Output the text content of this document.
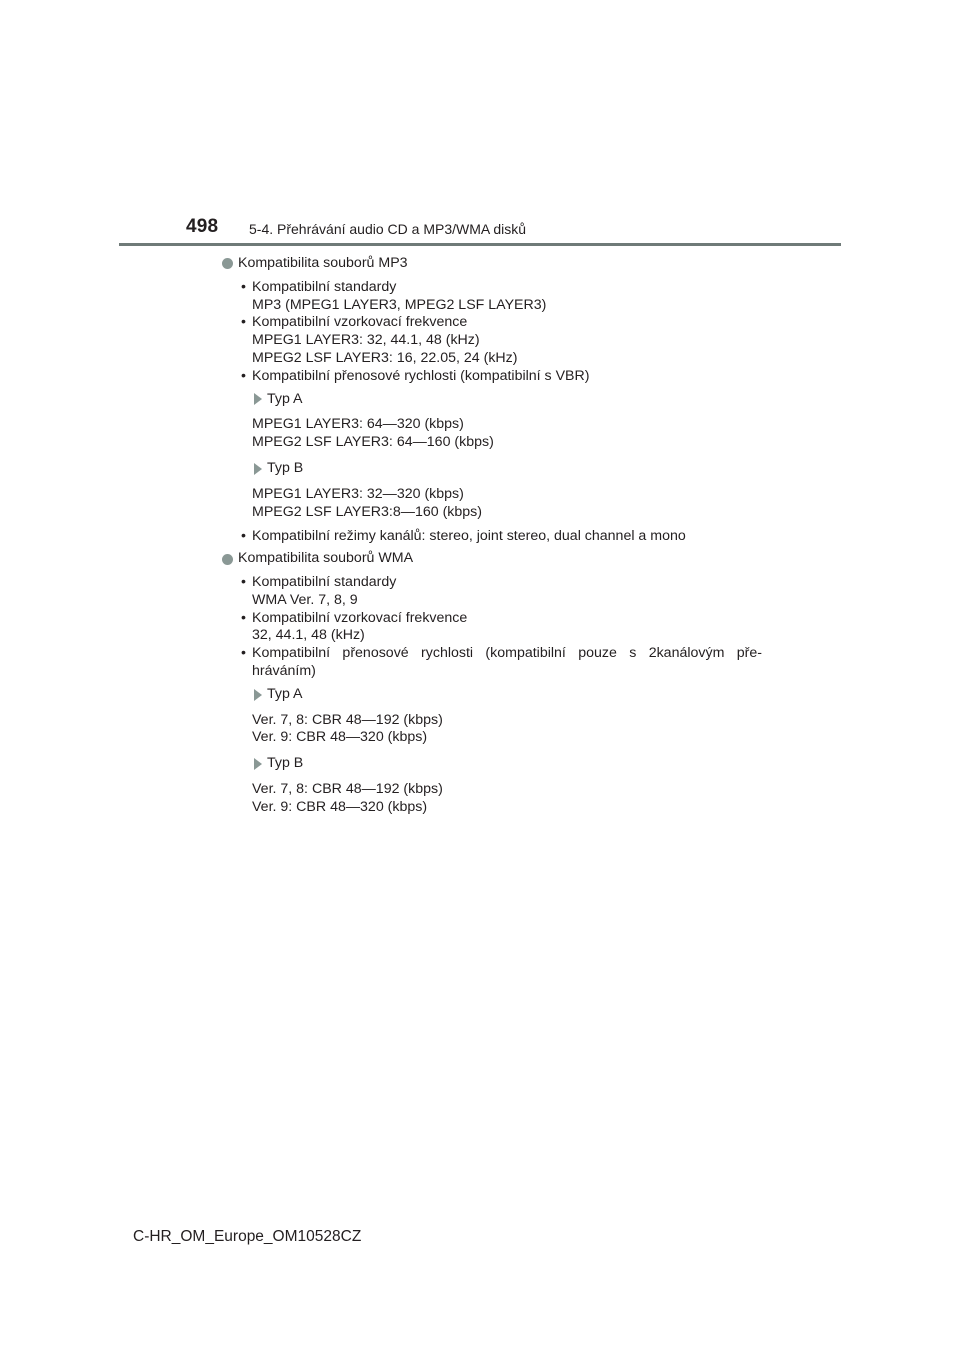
498 5-4. Přehrávání audio CD a MP3/WMA disků
Kompatibilita souborů MP3
• Kompatibilní standardy
MP3 (MPEG1 LAYER3, MPEG2 LSF LAYER3)
• Kompatibilní vzorkovací frekvence
MPEG1 LAYER3: 32, 44.1, 48 (kHz)
MPEG2 LSF LAYER3: 16, 22.05, 24 (kHz)
• Kompatibilní přenosové rychlosti (kompatibilní s VBR)
Typ A
MPEG1 LAYER3: 64—320 (kbps)
MPEG2 LSF LAYER3: 64—160 (kbps)
Typ B
MPEG1 LAYER3: 32—320 (kbps)
MPEG2 LSF LAYER3:8—160 (kbps)
• Kompatibilní režimy kanálů: stereo, joint stereo, dual channel a mono
Kompatibilita souborů WMA
• Kompatibilní standardy
WMA Ver. 7, 8, 9
• Kompatibilní vzorkovací frekvence
32, 44.1, 48 (kHz)
• Kompatibilní přenosové rychlosti (kompatibilní pouze s 2kanálovým pře-hráváním)
Typ A
Ver. 7, 8: CBR 48—192 (kbps)
Ver. 9: CBR 48—320 (kbps)
Typ B
Ver. 7, 8: CBR 48—192 (kbps)
Ver. 9: CBR 48—320 (kbps)
C-HR_OM_Europe_OM10528CZ
